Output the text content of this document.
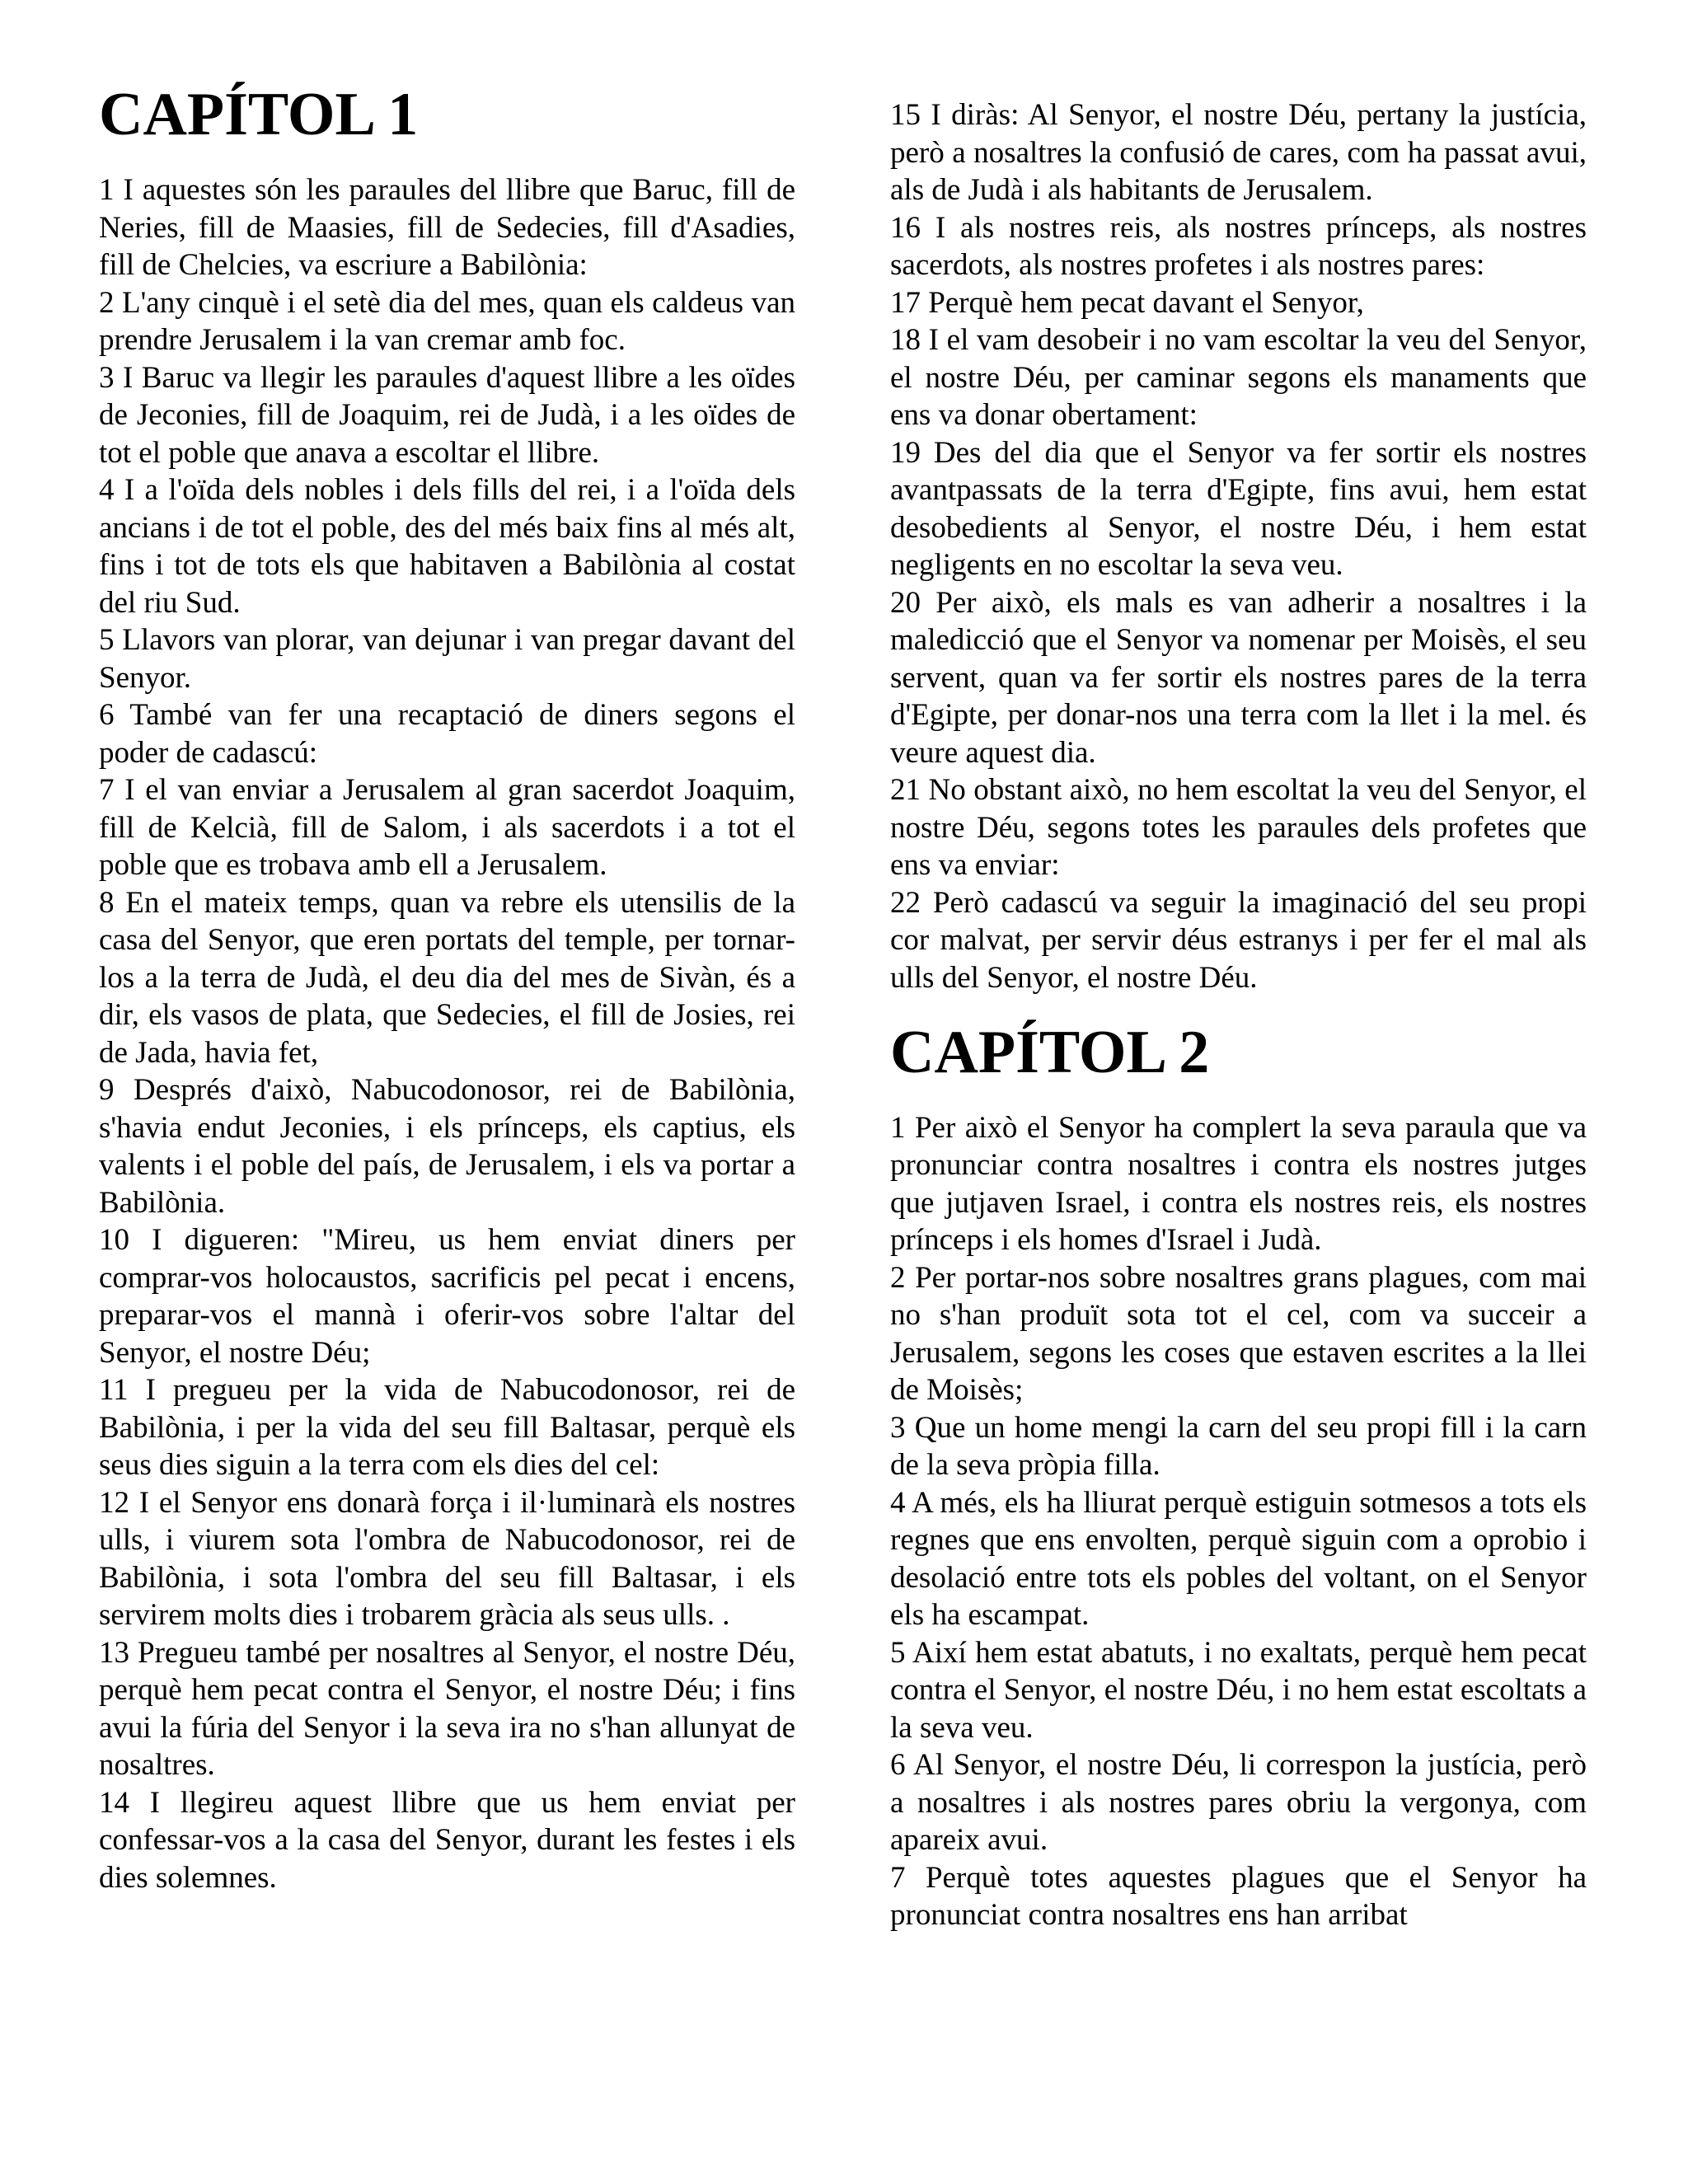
CAPÍTOL 1

1 I aquestes són les paraules del llibre que Baruc, fill de Neries, fill de Maasies, fill de Sedecies, fill d'Asadies, fill de Chelcies, va escriure a Babilònia:

2 L'any cinquè i el setè dia del mes, quan els caldeus van prendre Jerusalem i la van cremar amb foc.

3 I Baruc va llegir les paraules d'aquest llibre a les oïdes de Jeconies, fill de Joaquim, rei de Judà, i a les oïdes de tot el poble que anava a escoltar el llibre.

4 I a l'oïda dels nobles i dels fills del rei, i a l'oïda dels ancians i de tot el poble, des del més baix fins al més alt, fins i tot de tots els que habitaven a Babilònia al costat del riu Sud.

5 Llavors van plorar, van dejunar i van pregar davant del Senyor.

6 També van fer una recaptació de diners segons el poder de cadascú:

7 I el van enviar a Jerusalem al gran sacerdot Joaquim, fill de Kelcià, fill de Salom, i als sacerdots i a tot el poble que es trobava amb ell a Jerusalem.

8 En el mateix temps, quan va rebre els utensilis de la casa del Senyor, que eren portats del temple, per tornar-los a la terra de Judà, el deu dia del mes de Sivàn, és a dir, els vasos de plata, que Sedecies, el fill de Josies, rei de Jada, havia fet,

9 Després d'això, Nabucodonosor, rei de Babilònia, s'havia endut Jeconies, i els prínceps, els captius, els valents i el poble del país, de Jerusalem, i els va portar a Babilònia.

10 I digueren: "Mireu, us hem enviat diners per comprar-vos holocaustos, sacrificis pel pecat i encens, preparar-vos el mannà i oferir-vos sobre l'altar del Senyor, el nostre Déu;

11 I pregueu per la vida de Nabucodonosor, rei de Babilònia, i per la vida del seu fill Baltasar, perquè els seus dies siguin a la terra com els dies del cel:

12 I el Senyor ens donarà força i il·luminarà els nostres ulls, i viurem sota l'ombra de Nabucodonosor, rei de Babilònia, i sota l'ombra del seu fill Baltasar, i els servirem molts dies i trobarem gràcia als seus ulls. .

13 Pregueu també per nosaltres al Senyor, el nostre Déu, perquè hem pecat contra el Senyor, el nostre Déu; i fins avui la fúria del Senyor i la seva ira no s'han allunyat de nosaltres.

14 I llegireu aquest llibre que us hem enviat per confessar-vos a la casa del Senyor, durant les festes i els dies solemnes.

15 I diràs: Al Senyor, el nostre Déu, pertany la justícia, però a nosaltres la confusió de cares, com ha passat avui, als de Judà i als habitants de Jerusalem.

16 I als nostres reis, als nostres prínceps, als nostres sacerdots, als nostres profetes i als nostres pares:

17 Perquè hem pecat davant el Senyor,

18 I el vam desobeir i no vam escoltar la veu del Senyor, el nostre Déu, per caminar segons els manaments que ens va donar obertament:

19 Des del dia que el Senyor va fer sortir els nostres avantpassats de la terra d'Egipte, fins avui, hem estat desobedients al Senyor, el nostre Déu, i hem estat negligents en no escoltar la seva veu.

20 Per això, els mals es van adherir a nosaltres i la maledicció que el Senyor va nomenar per Moisès, el seu servent, quan va fer sortir els nostres pares de la terra d'Egipte, per donar-nos una terra com la llet i la mel. és veure aquest dia.

21 No obstant això, no hem escoltat la veu del Senyor, el nostre Déu, segons totes les paraules dels profetes que ens va enviar:

22 Però cadascú va seguir la imaginació del seu propi cor malvat, per servir déus estranys i per fer el mal als ulls del Senyor, el nostre Déu.

CAPÍTOL 2

1 Per això el Senyor ha complert la seva paraula que va pronunciar contra nosaltres i contra els nostres jutges que jutjaven Israel, i contra els nostres reis, els nostres prínceps i els homes d'Israel i Judà.

2 Per portar-nos sobre nosaltres grans plagues, com mai no s'han produït sota tot el cel, com va succeir a Jerusalem, segons les coses que estaven escrites a la llei de Moisès;

3 Que un home mengi la carn del seu propi fill i la carn de la seva pròpia filla.

4 A més, els ha lliurat perquè estiguin sotmesos a tots els regnes que ens envolten, perquè siguin com a oprobio i desolació entre tots els pobles del voltant, on el Senyor els ha escampat.

5 Així hem estat abatuts, i no exaltats, perquè hem pecat contra el Senyor, el nostre Déu, i no hem estat escoltats a la seva veu.

6 Al Senyor, el nostre Déu, li correspon la justícia, però a nosaltres i als nostres pares obriu la vergonya, com apareix avui.

7 Perquè totes aquestes plagues que el Senyor ha pronunciat contra nosaltres ens han arribat
